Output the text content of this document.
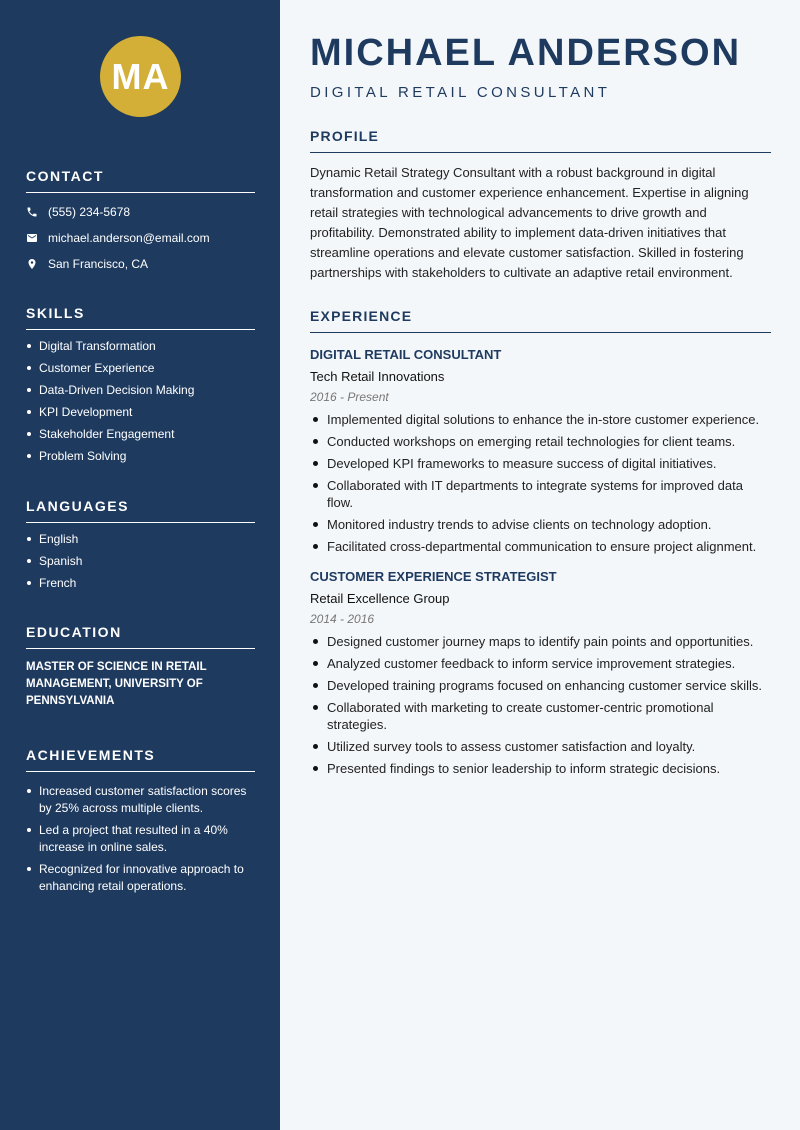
MA
CONTACT
(555) 234-5678
michael.anderson@email.com
San Francisco, CA
SKILLS
Digital Transformation
Customer Experience
Data-Driven Decision Making
KPI Development
Stakeholder Engagement
Problem Solving
LANGUAGES
English
Spanish
French
EDUCATION
MASTER OF SCIENCE IN RETAIL MANAGEMENT, UNIVERSITY OF PENNSYLVANIA
ACHIEVEMENTS
Increased customer satisfaction scores by 25% across multiple clients.
Led a project that resulted in a 40% increase in online sales.
Recognized for innovative approach to enhancing retail operations.
MICHAEL ANDERSON
DIGITAL RETAIL CONSULTANT
PROFILE
Dynamic Retail Strategy Consultant with a robust background in digital transformation and customer experience enhancement. Expertise in aligning retail strategies with technological advancements to drive growth and profitability. Demonstrated ability to implement data-driven initiatives that streamline operations and elevate customer satisfaction. Skilled in fostering partnerships with stakeholders to cultivate an adaptive retail environment.
EXPERIENCE
DIGITAL RETAIL CONSULTANT
Tech Retail Innovations
2016 - Present
Implemented digital solutions to enhance the in-store customer experience.
Conducted workshops on emerging retail technologies for client teams.
Developed KPI frameworks to measure success of digital initiatives.
Collaborated with IT departments to integrate systems for improved data flow.
Monitored industry trends to advise clients on technology adoption.
Facilitated cross-departmental communication to ensure project alignment.
CUSTOMER EXPERIENCE STRATEGIST
Retail Excellence Group
2014 - 2016
Designed customer journey maps to identify pain points and opportunities.
Analyzed customer feedback to inform service improvement strategies.
Developed training programs focused on enhancing customer service skills.
Collaborated with marketing to create customer-centric promotional strategies.
Utilized survey tools to assess customer satisfaction and loyalty.
Presented findings to senior leadership to inform strategic decisions.
